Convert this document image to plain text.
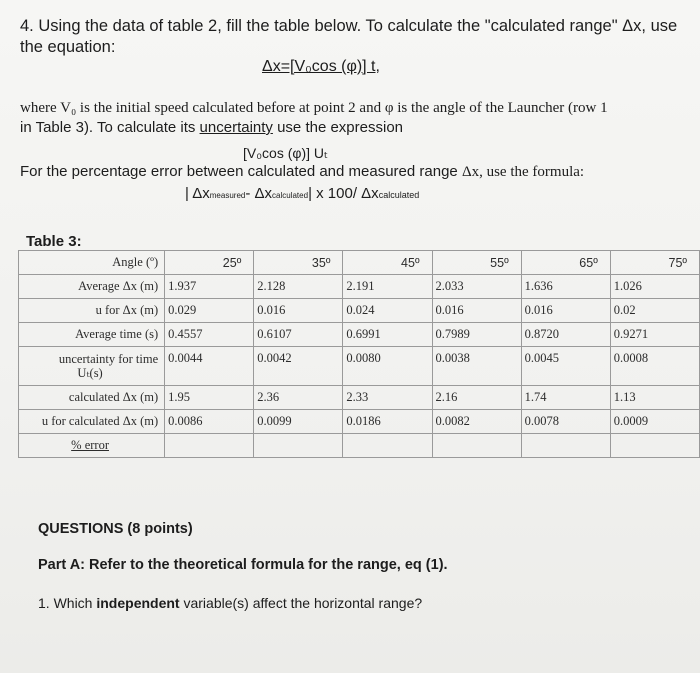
4. Using the data of table 2, fill the table below. To calculate the "calculated range" Δx, use
the equation:
Δx=[V₀cos (φ)] t,
where V₀ is the initial speed calculated before at point 2 and φ is the angle of the Launcher (row 1
in Table 3). To calculate its uncertainty use the expression
[V₀cos (φ)] Uₜ
For the percentage error between calculated and measured range Δx, use the formula:
| Δxmeasured- Δxcalculated| x 100/ Δxcalculated
Table 3:
Angle (º)	25º	35º	45º	55º	65º	75º
Average Δx (m)	1.937	2.128	2.191	2.033	1.636	1.026
u for Δx (m)	0.029	0.016	0.024	0.016	0.016	0.02
Average time (s)	0.4557	0.6107	0.6991	0.7989	0.8720	0.9271

uncertainty for time
Uₜ(s)	0.0044	0.0042	0.0080	0.0038	0.0045	0.0008
calculated Δx (m)	1.95	2.36	2.33	2.16	1.74	1.13
u for calculated Δx (m)	0.0086	0.0099	0.0186	0.0082	0.0078	0.0009
% error						
QUESTIONS (8 points)
Part A: Refer to the theoretical formula for the range, eq (1).
1. Which independent variable(s) affect the horizontal range?
